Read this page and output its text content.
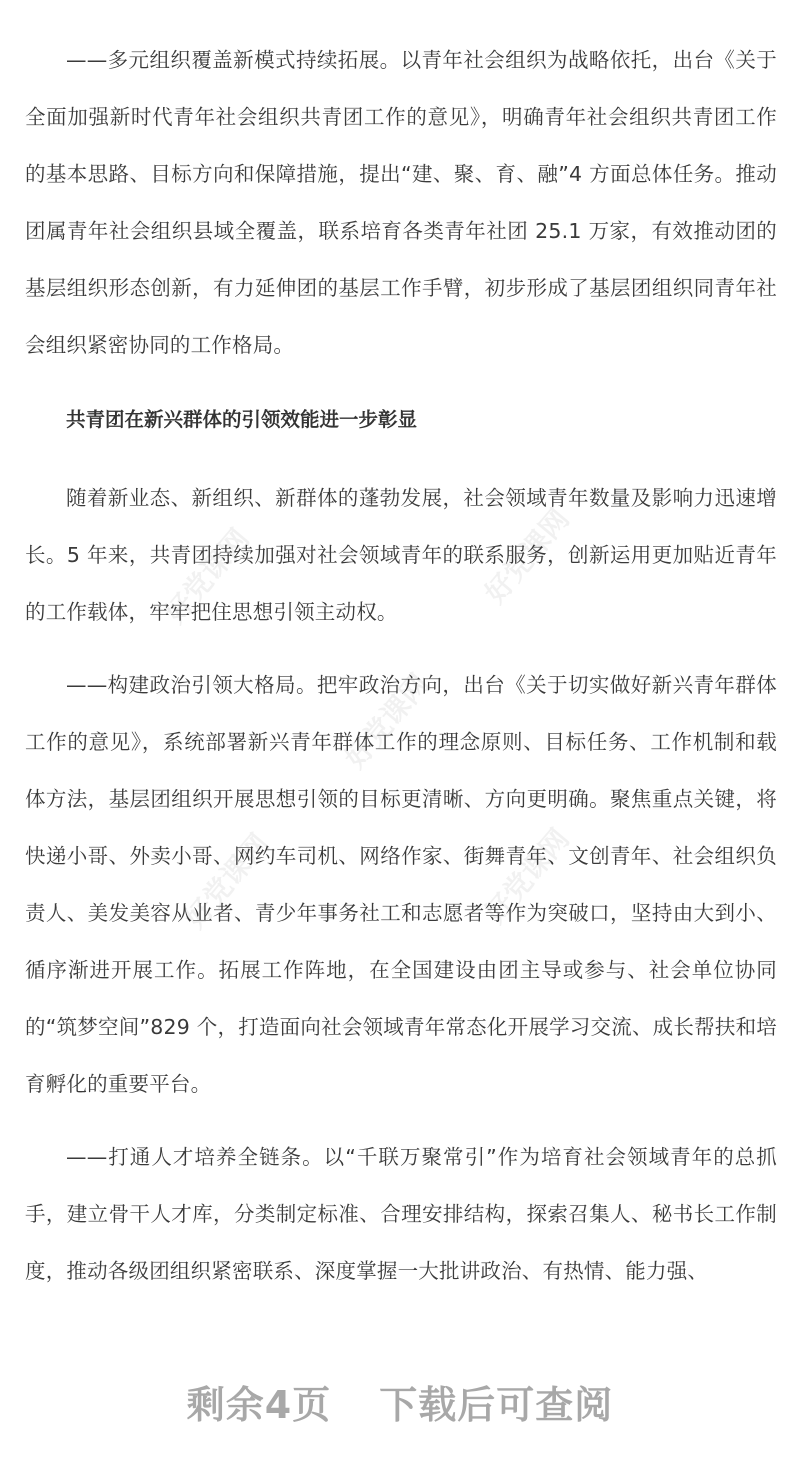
好党课网	好党课网
好党课网
好党课网	好党课网

——多元组织覆盖新模式持续拓展。以青年社会组织为战略依托，出台《关于全面加强新时代青年社会组织共青团工作的意见》，明确青年社会组织共青团工作的基本思路、目标方向和保障措施，提出“建、聚、育、融”4 方面总体任务。推动团属青年社会组织县域全覆盖，联系培育各类青年社团 25.1 万家，有效推动团的基层组织形态创新，有力延伸团的基层工作手臂，初步形成了基层团组织同青年社会组织紧密协同的工作格局。

共青团在新兴群体的引领效能进一步彰显

随着新业态、新组织、新群体的蓬勃发展，社会领域青年数量及影响力迅速增长。5 年来，共青团持续加强对社会领域青年的联系服务，创新运用更加贴近青年的工作载体，牢牢把住思想引领主动权。

——构建政治引领大格局。把牢政治方向，出台《关于切实做好新兴青年群体工作的意见》，系统部署新兴青年群体工作的理念原则、目标任务、工作机制和载体方法，基层团组织开展思想引领的目标更清晰、方向更明确。聚焦重点关键，将快递小哥、外卖小哥、网约车司机、网络作家、街舞青年、文创青年、社会组织负责人、美发美容从业者、青少年事务社工和志愿者等作为突破口，坚持由大到小、循序渐进开展工作。拓展工作阵地，在全国建设由团主导或参与、社会单位协同的“筑梦空间”829 个，打造面向社会领域青年常态化开展学习交流、成长帮扶和培育孵化的重要平台。

——打通人才培养全链条。以“千联万聚常引”作为培育社会领域青年的总抓手，建立骨干人才库，分类制定标准、合理安排结构，探索召集人、秘书长工作制度，推动各级团组织紧密联系、深度掌握一大批讲政治、有热情、能力强、

剩余4页 下载后可查阅
